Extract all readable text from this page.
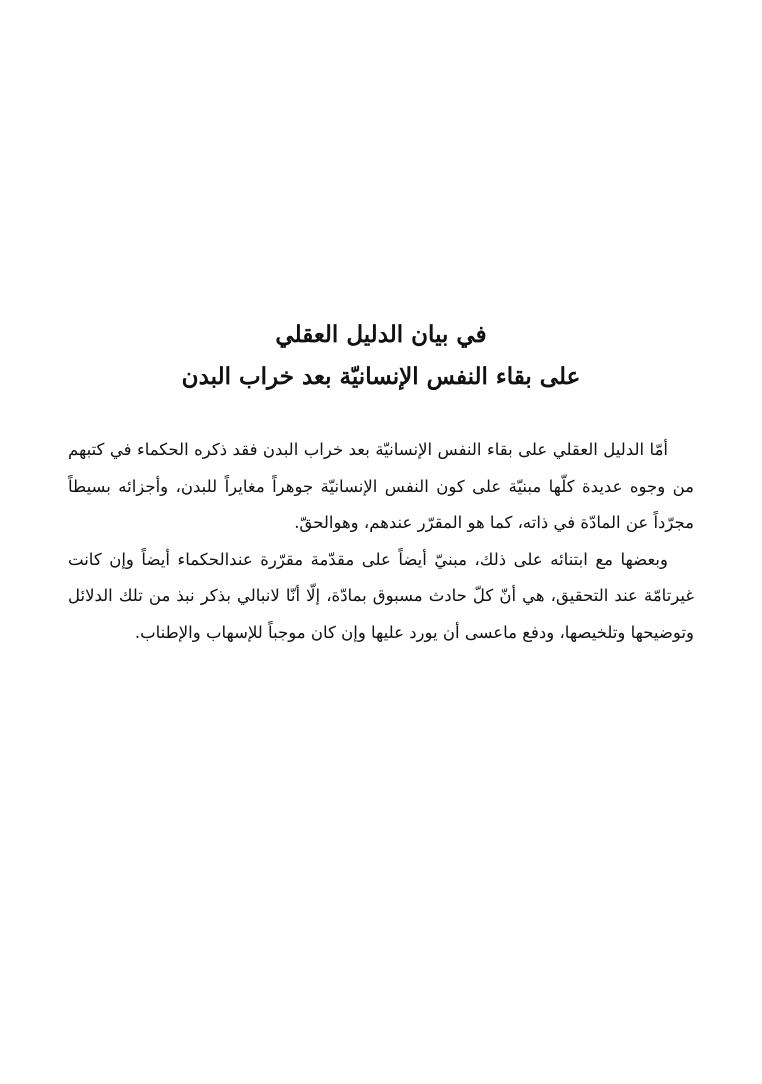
في بيان الدليل العقلي
على بقاء النفس الإنسانيّة بعد خراب البدن

أمّا الدليل العقلي على بقاء النفس الإنسانيّة بعد خراب البدن فقد ذكره الحكماء في كتبهم من وجوه عديدة كلّها مبنيّة على كون النفس الإنسانيّة جوهراً مغايراً للبدن، وأجزائه بسيطاً مجرّداً عن المادّة في ذاته، كما هو المقرّر عندهم، وهوالحقّ.

وبعضها مع ابتنائه على ذلك، مبنيّ أيضاً على مقدّمة مقرّرة عندالحكماء أيضاً وإن كانت غيرتامّة عند التحقيق، هي أنّ كلّ حادث مسبوق بمادّة، إلّا أنّا لانبالي بذكر نبذ من تلك الدلائل وتوضيحها وتلخيصها، ودفع ماعسى أن يورد عليها وإن كان موجباً للإسهاب والإطناب.
